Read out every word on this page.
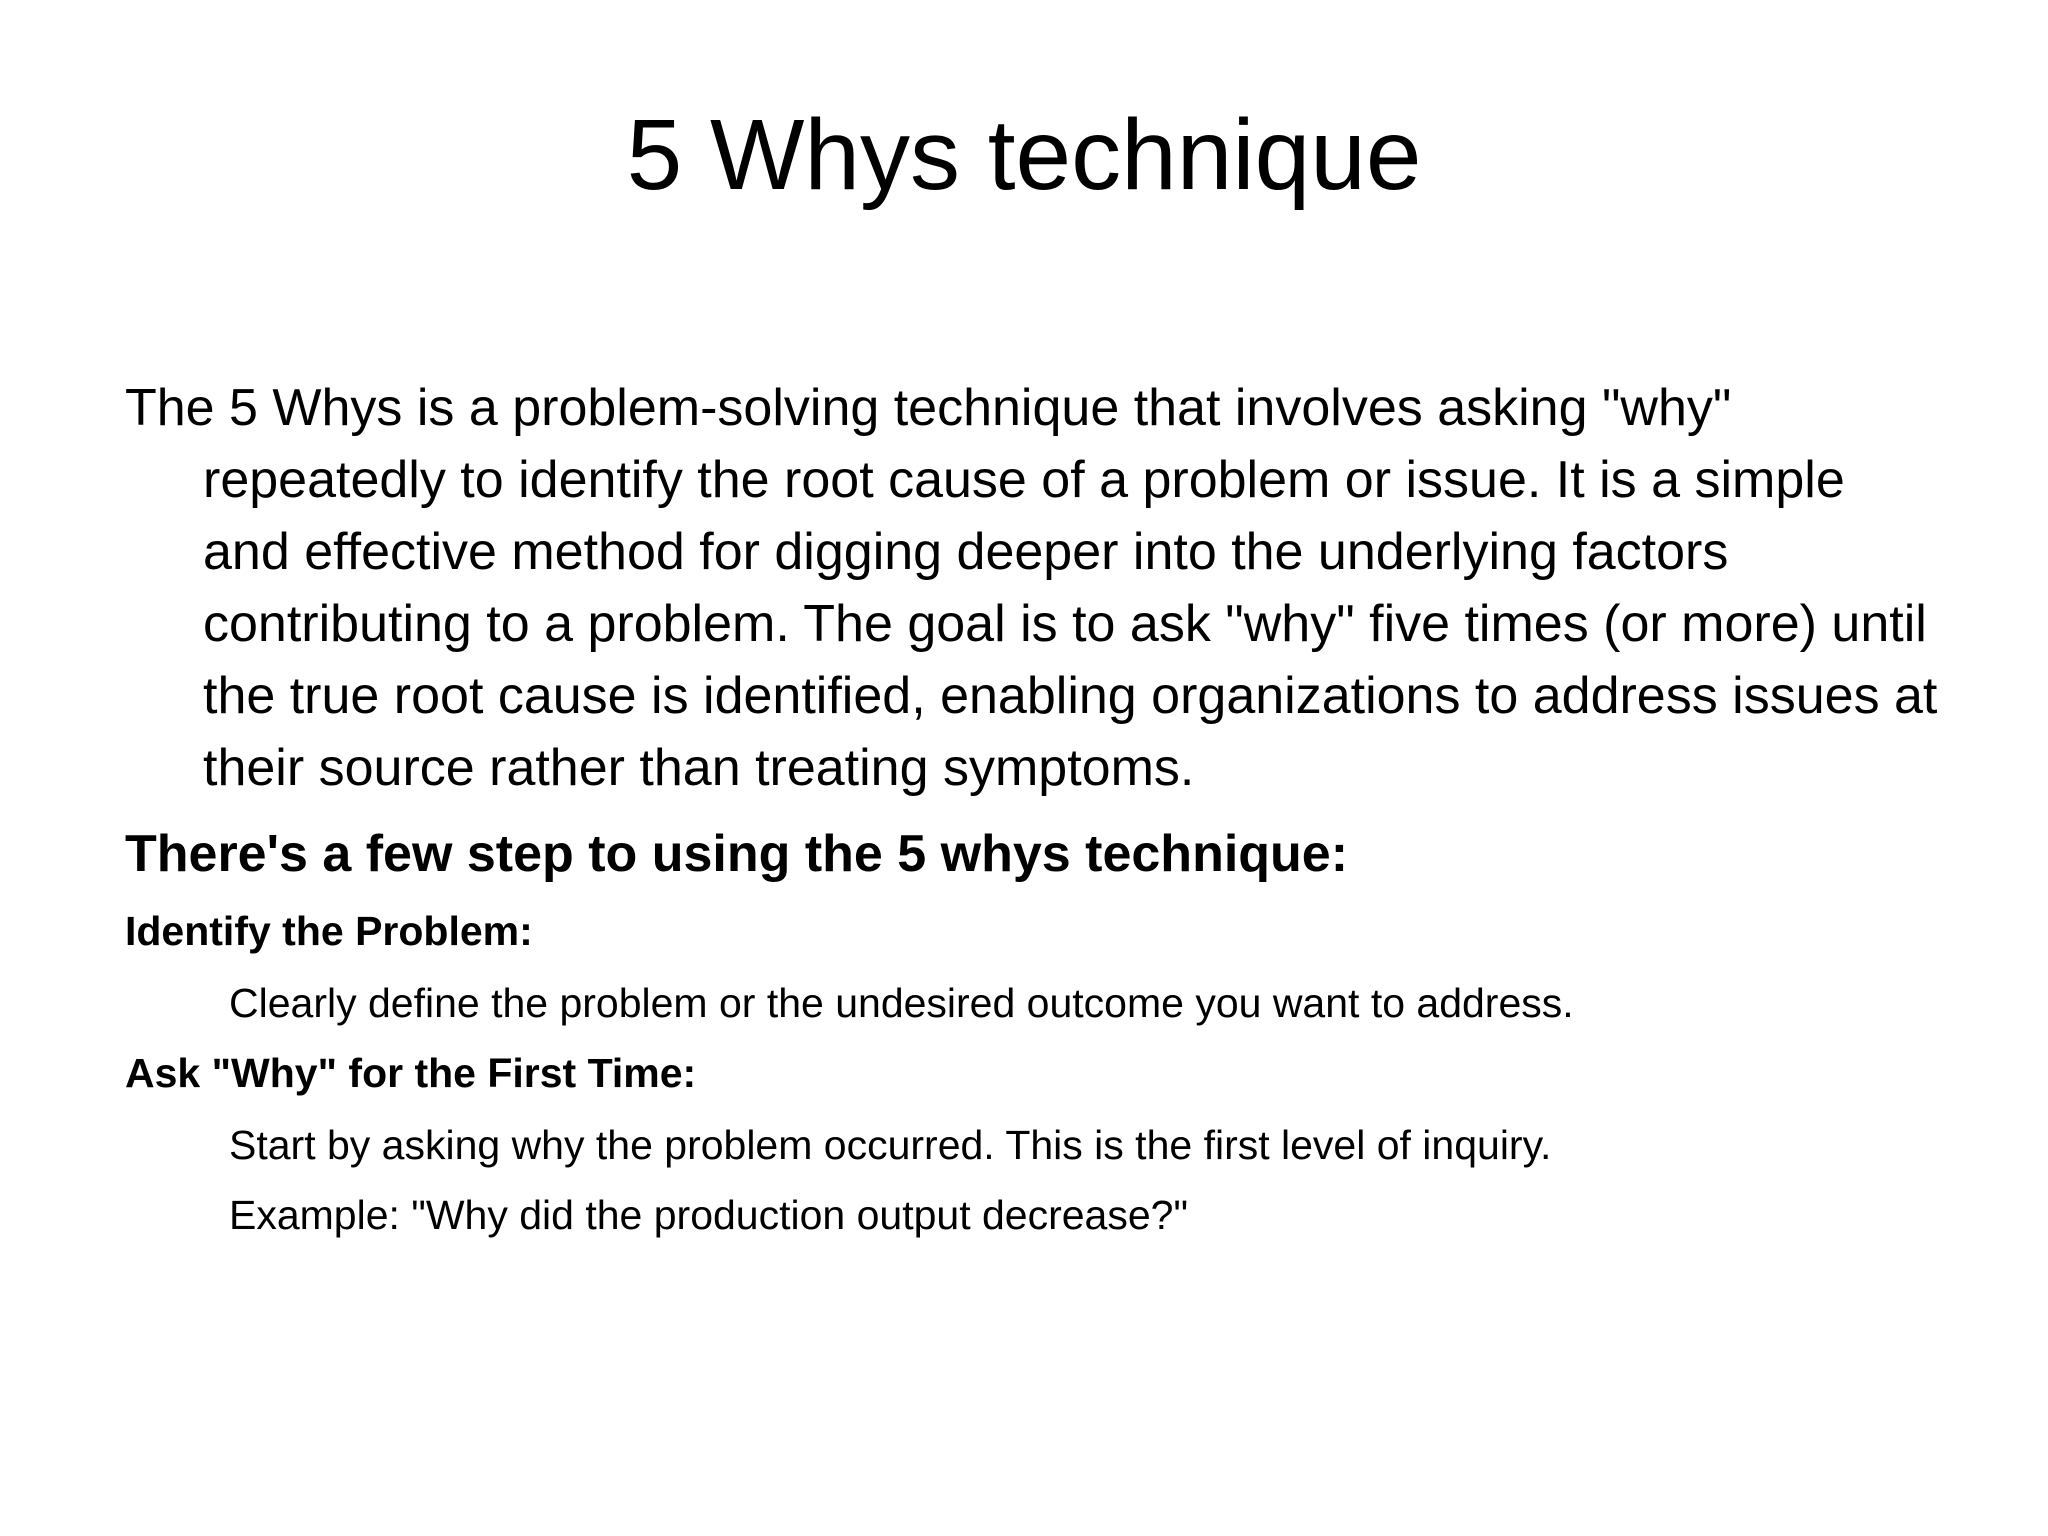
5 Whys technique

The 5 Whys is a problem-solving technique that involves asking "why" repeatedly to identify the root cause of a problem or issue. It is a simple and effective method for digging deeper into the underlying factors contributing to a problem. The goal is to ask "why" five times (or more) until the true root cause is identified, enabling organizations to address issues at their source rather than treating symptoms.

There's a few step to using the 5 whys technique:

Identify the Problem:

Clearly define the problem or the undesired outcome you want to address.

Ask "Why" for the First Time:

Start by asking why the problem occurred. This is the first level of inquiry.

Example: "Why did the production output decrease?"
